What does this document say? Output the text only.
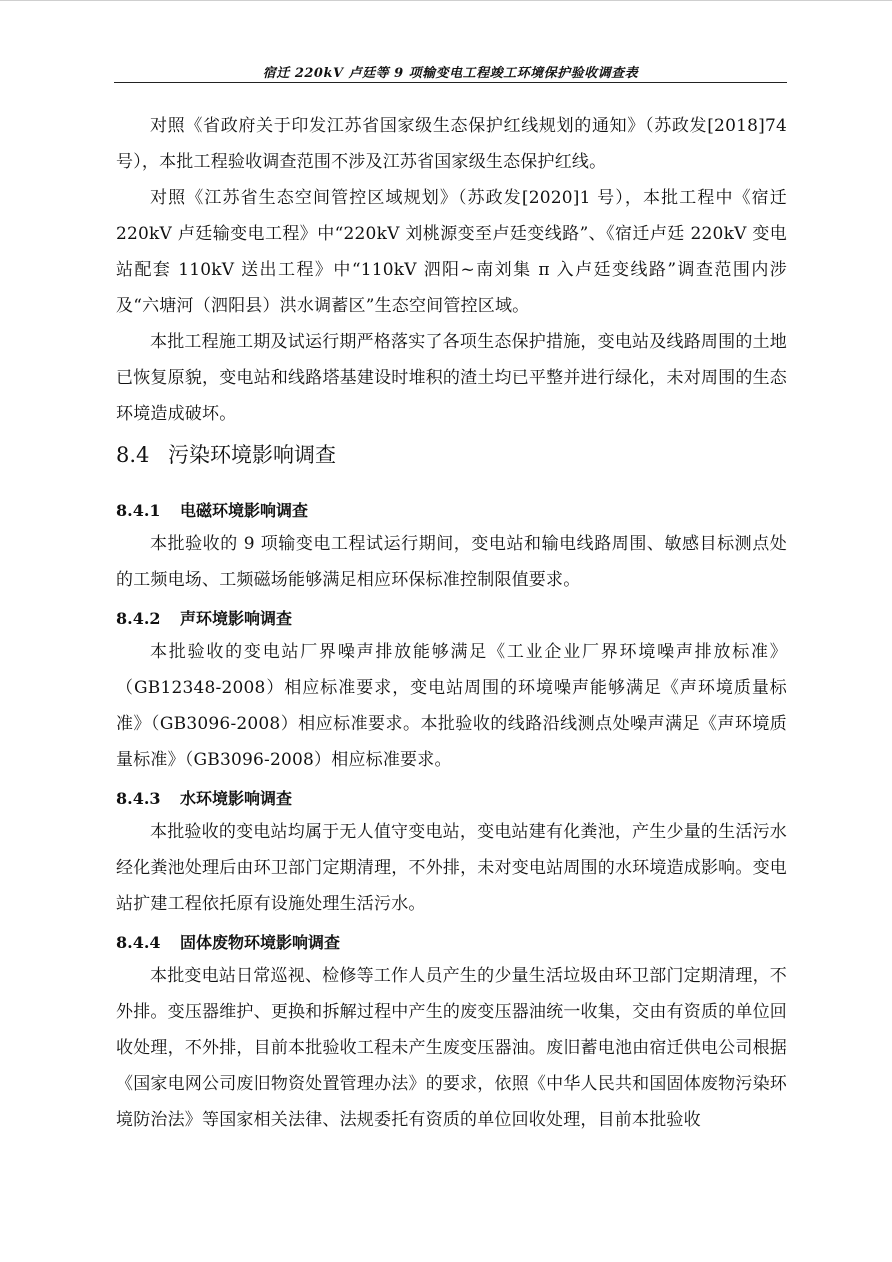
宿迁 220kV 卢廷等 9 项输变电工程竣工环境保护验收调查表

对照《省政府关于印发江苏省国家级生态保护红线规划的通知》（苏政发[2018]74号），本批工程验收调查范围不涉及江苏省国家级生态保护红线。

对照《江苏省生态空间管控区域规划》（苏政发[2020]1 号），本批工程中《宿迁 220kV 卢廷输变电工程》中“220kV 刘桃源变至卢廷变线路”、《宿迁卢廷 220kV 变电站配套 110kV 送出工程》中“110kV 泗阳~南刘集 π 入卢廷变线路”调查范围内涉及“六塘河（泗阳县）洪水调蓄区”生态空间管控区域。

本批工程施工期及试运行期严格落实了各项生态保护措施，变电站及线路周围的土地已恢复原貌，变电站和线路塔基建设时堆积的渣土均已平整并进行绿化，未对周围的生态环境造成破坏。

8.4 污染环境影响调查
8.4.1 电磁环境影响调查

本批验收的 9 项输变电工程试运行期间，变电站和输电线路周围、敏感目标测点处的工频电场、工频磁场能够满足相应环保标准控制限值要求。

8.4.2 声环境影响调查

本批验收的变电站厂界噪声排放能够满足《工业企业厂界环境噪声排放标准》（GB12348-2008）相应标准要求，变电站周围的环境噪声能够满足《声环境质量标准》（GB3096-2008）相应标准要求。本批验收的线路沿线测点处噪声满足《声环境质量标准》（GB3096-2008）相应标准要求。

8.4.3 水环境影响调查

本批验收的变电站均属于无人值守变电站，变电站建有化粪池，产生少量的生活污水经化粪池处理后由环卫部门定期清理，不外排，未对变电站周围的水环境造成影响。变电站扩建工程依托原有设施处理生活污水。

8.4.4 固体废物环境影响调查

本批变电站日常巡视、检修等工作人员产生的少量生活垃圾由环卫部门定期清理，不外排。变压器维护、更换和拆解过程中产生的废变压器油统一收集，交由有资质的单位回收处理，不外排，目前本批验收工程未产生废变压器油。废旧蓄电池由宿迁供电公司根据《国家电网公司废旧物资处置管理办法》的要求，依照《中华人民共和国固体废物污染环境防治法》等国家相关法律、法规委托有资质的单位回收处理，目前本批验收
